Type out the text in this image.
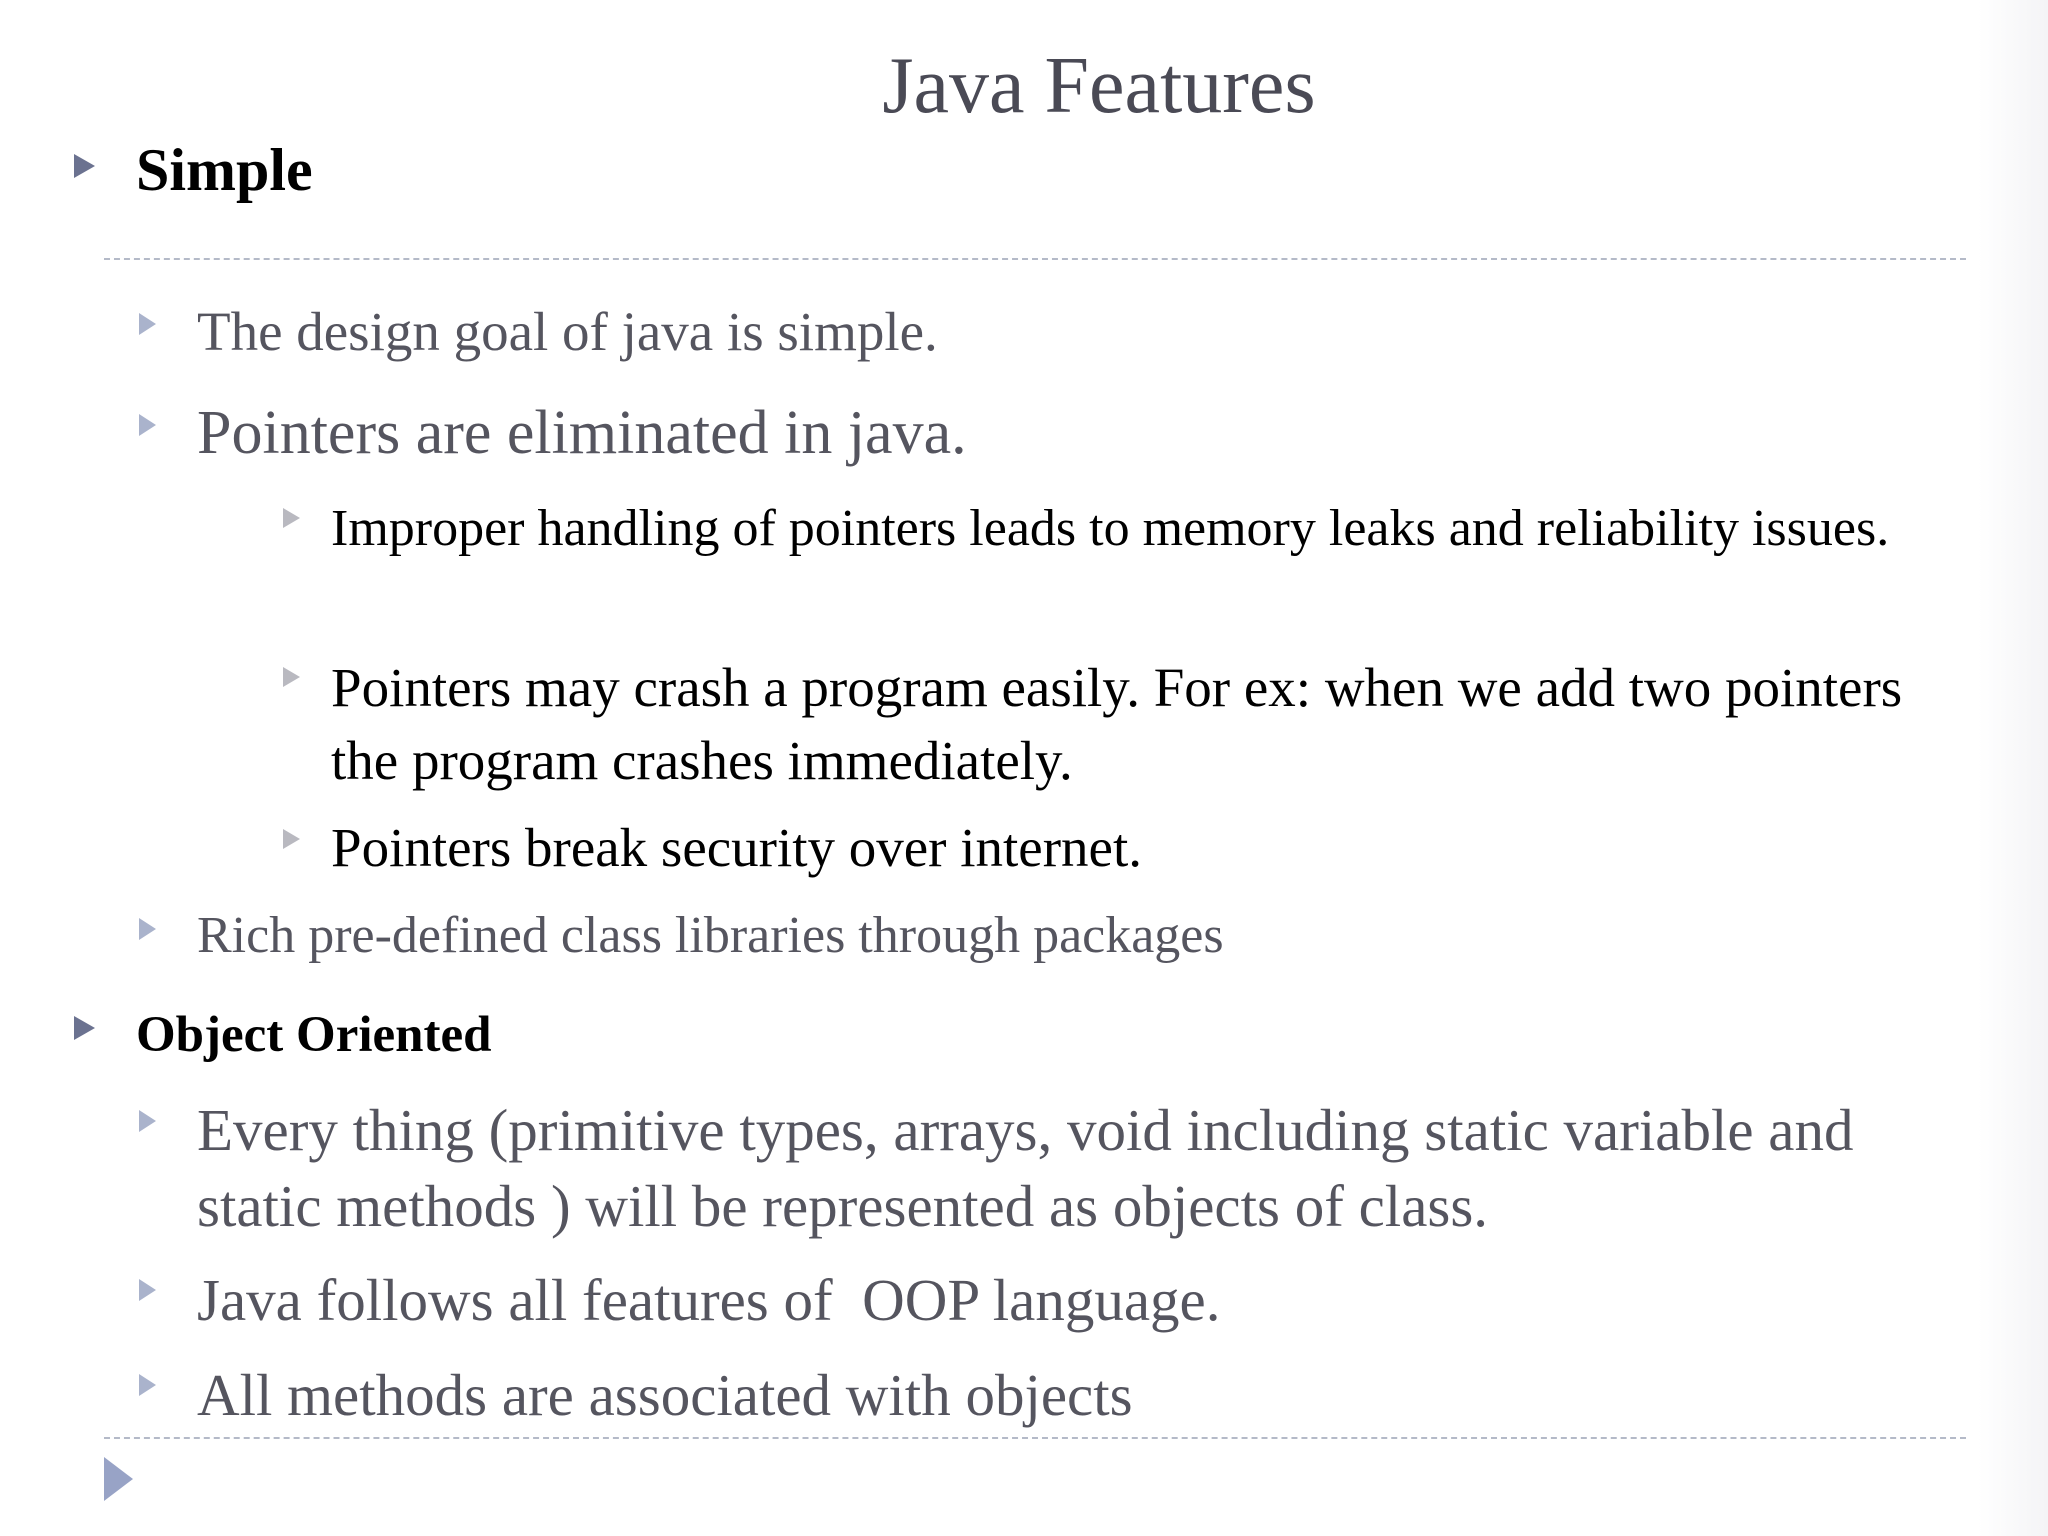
Java Features
Simple
The design goal of java is simple.
Pointers are eliminated in java.
Improper handling of pointers leads to memory leaks and reliability issues.
Pointers may crash a program easily. For ex: when we add two pointers the program crashes immediately.
Pointers break security over internet.
Rich pre-defined class libraries through packages
Object Oriented
Every thing (primitive types, arrays, void including static variable and static methods ) will be represented as objects of class.
Java follows all features of  OOP language.
All methods are associated with objects
